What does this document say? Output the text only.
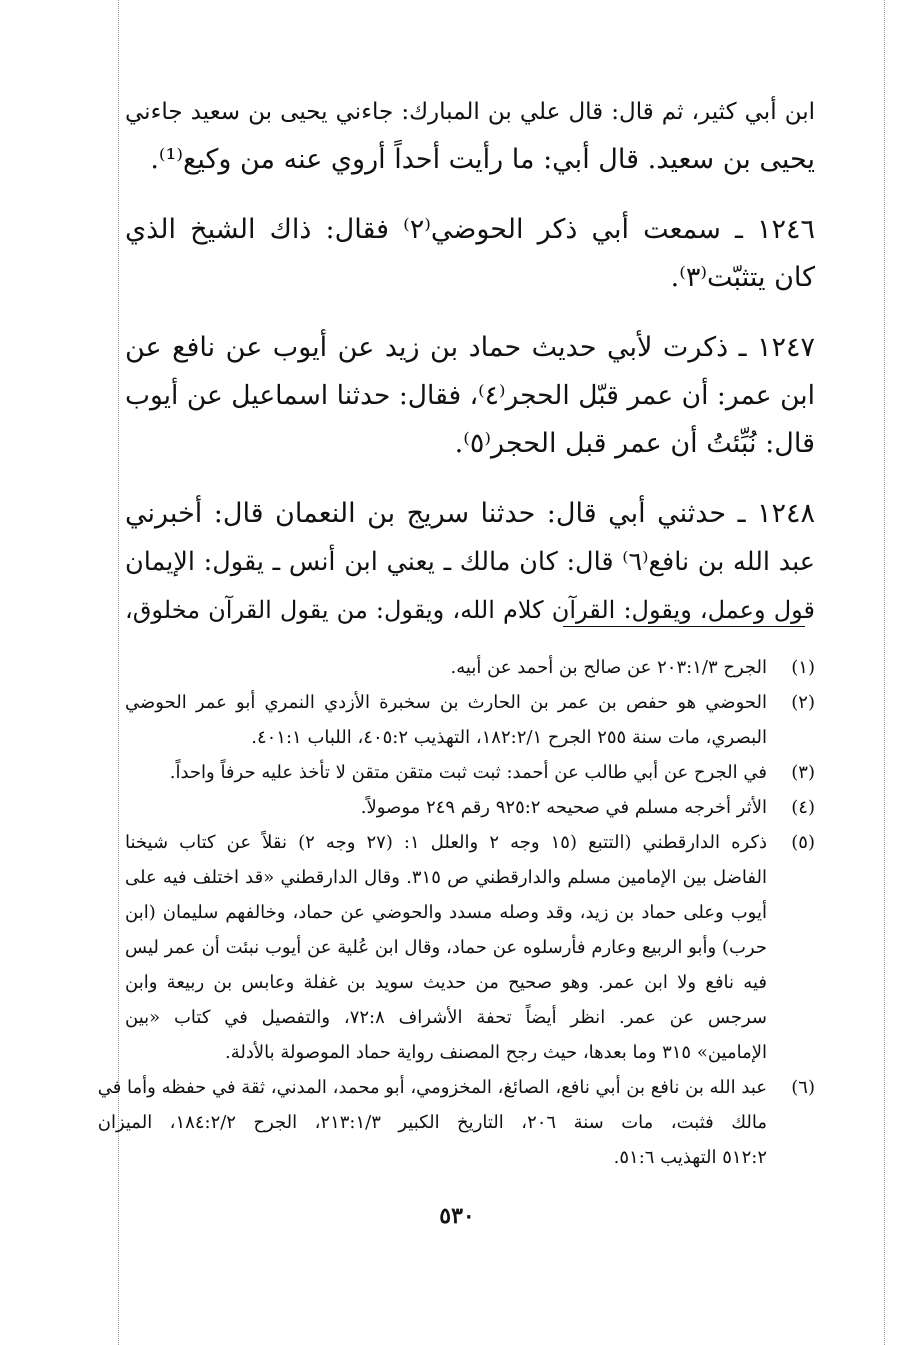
ابن أبي كثير، ثم قال: قال علي بن المبارك: جاءني يحيى بن سعيد جاءني
يحيى بن سعيد. قال أبي: ما رأيت أحداً أروي عنه من وكيع⁽¹⁾.
١٢٤٦ ـ سمعت أبي ذكر الحوضي⁽٢⁾ فقال: ذاك الشيخ الذي
كان يتثبّت⁽٣⁾.
١٢٤٧ ـ ذكرت لأبي حديث حماد بن زيد عن أيوب عن نافع عن
ابن عمر: أن عمر قبّل الحجر⁽٤⁾، فقال: حدثنا اسماعيل عن أيوب
قال: نُبِّئتُ أن عمر قبل الحجر⁽٥⁾.
١٢٤٨ ـ حدثني أبي قال: حدثنا سريج بن النعمان قال: أخبرني
عبد الله بن نافع⁽٦⁾ قال: كان مالك ـ يعني ابن أنس ـ يقول: الإيمان
قول وعمل، ويقول: القرآن كلام الله، ويقول: من يقول القرآن مخلوق،
(١)
الجرح ٢٠٣:١/٣ عن صالح بن أحمد عن أبيه.
(٢)
الحوضي هو حفص بن عمر بن الحارث بن سخبرة الأزدي النمري أبو عمر الحوضي
البصري، مات سنة ٢٥٥ الجرح ١٨٢:٢/١، التهذيب ٤٠٥:٢، اللباب ٤٠١:١.
(٣)
في الجرح عن أبي طالب عن أحمد: ثبت ثبت متقن متقن لا تأخذ عليه حرفاً واحداً.
(٤)
الأثر أخرجه مسلم في صحيحه ٩٢٥:٢ رقم ٢٤٩ موصولاً.
(٥)
ذكره الدارقطني (التتبع (١٥ وجه ٢ والعلل ١: (٢٧ وجه ٢) نقلاً عن كتاب شيخنا
الفاضل بين الإمامين مسلم والدارقطني ص ٣١٥. وقال الدارقطني «قد اختلف فيه على
أيوب وعلى حماد بن زيد، وقد وصله مسدد والحوضي عن حماد، وخالفهم سليمان (ابن
حرب) وأبو الربيع وعارم فأرسلوه عن حماد، وقال ابن عُلية عن أيوب نبئت أن عمر ليس
فيه نافع ولا ابن عمر. وهو صحيح من حديث سويد بن غفلة وعابس بن ربيعة وابن
سرجس عن عمر. انظر أيضاً تحفة الأشراف ٧٢:٨، والتفصيل في كتاب «بين
الإمامين» ٣١٥ وما بعدها، حيث رجح المصنف رواية حماد الموصولة بالأدلة.
(٦)
عبد الله بن نافع بن أبي نافع، الصائغ، المخزومي، أبو محمد، المدني، ثقة في حفظه وأما في
مالك فثبت، مات سنة ٢٠٦، التاريخ الكبير ٢١٣:١/٣، الجرح ١٨٤:٢/٢، الميزان
٥١٢:٢ التهذيب ٥١:٦.
٥٣٠
